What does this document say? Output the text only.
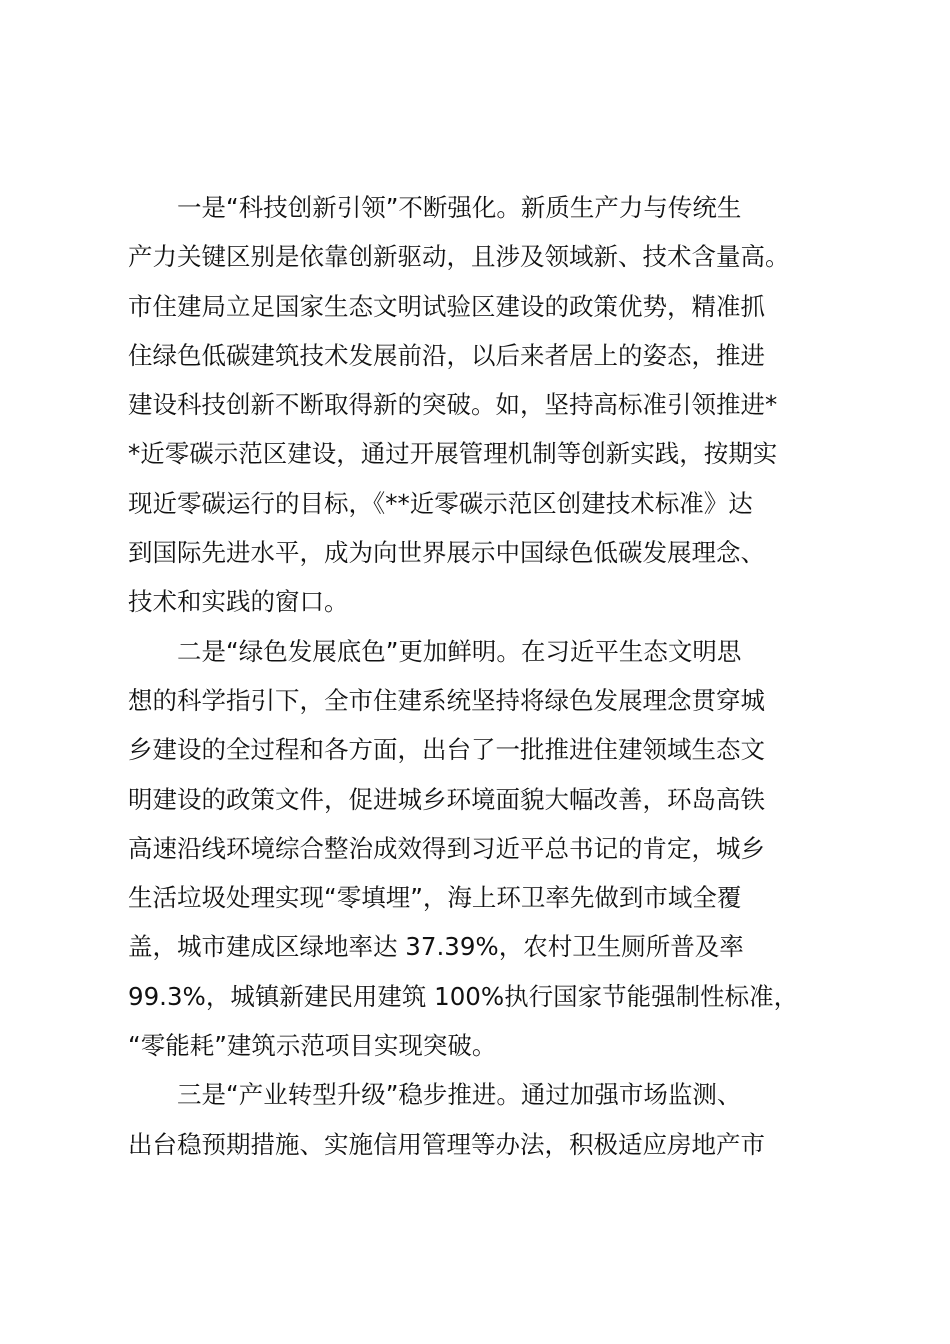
一是“科技创新引领”不断强化。新质生产力与传统生
产力关键区别是依靠创新驱动，且涉及领域新、技术含量高。
市住建局立足国家生态文明试验区建设的政策优势，精准抓
住绿色低碳建筑技术发展前沿，以后来者居上的姿态，推进
建设科技创新不断取得新的突破。如，坚持高标准引领推进*
*近零碳示范区建设，通过开展管理机制等创新实践，按期实
现近零碳运行的目标，《**近零碳示范区创建技术标准》达
到国际先进水平，成为向世界展示中国绿色低碳发展理念、
技术和实践的窗口。
二是“绿色发展底色”更加鲜明。在习近平生态文明思
想的科学指引下，全市住建系统坚持将绿色发展理念贯穿城
乡建设的全过程和各方面，出台了一批推进住建领域生态文
明建设的政策文件，促进城乡环境面貌大幅改善，环岛高铁
高速沿线环境综合整治成效得到习近平总书记的肯定，城乡
生活垃圾处理实现“零填埋”，海上环卫率先做到市域全覆
盖，城市建成区绿地率达 37.39%，农村卫生厕所普及率
99.3%，城镇新建民用建筑 100%执行国家节能强制性标准，
“零能耗”建筑示范项目实现突破。
三是“产业转型升级”稳步推进。通过加强市场监测、
出台稳预期措施、实施信用管理等办法，积极适应房地产市
